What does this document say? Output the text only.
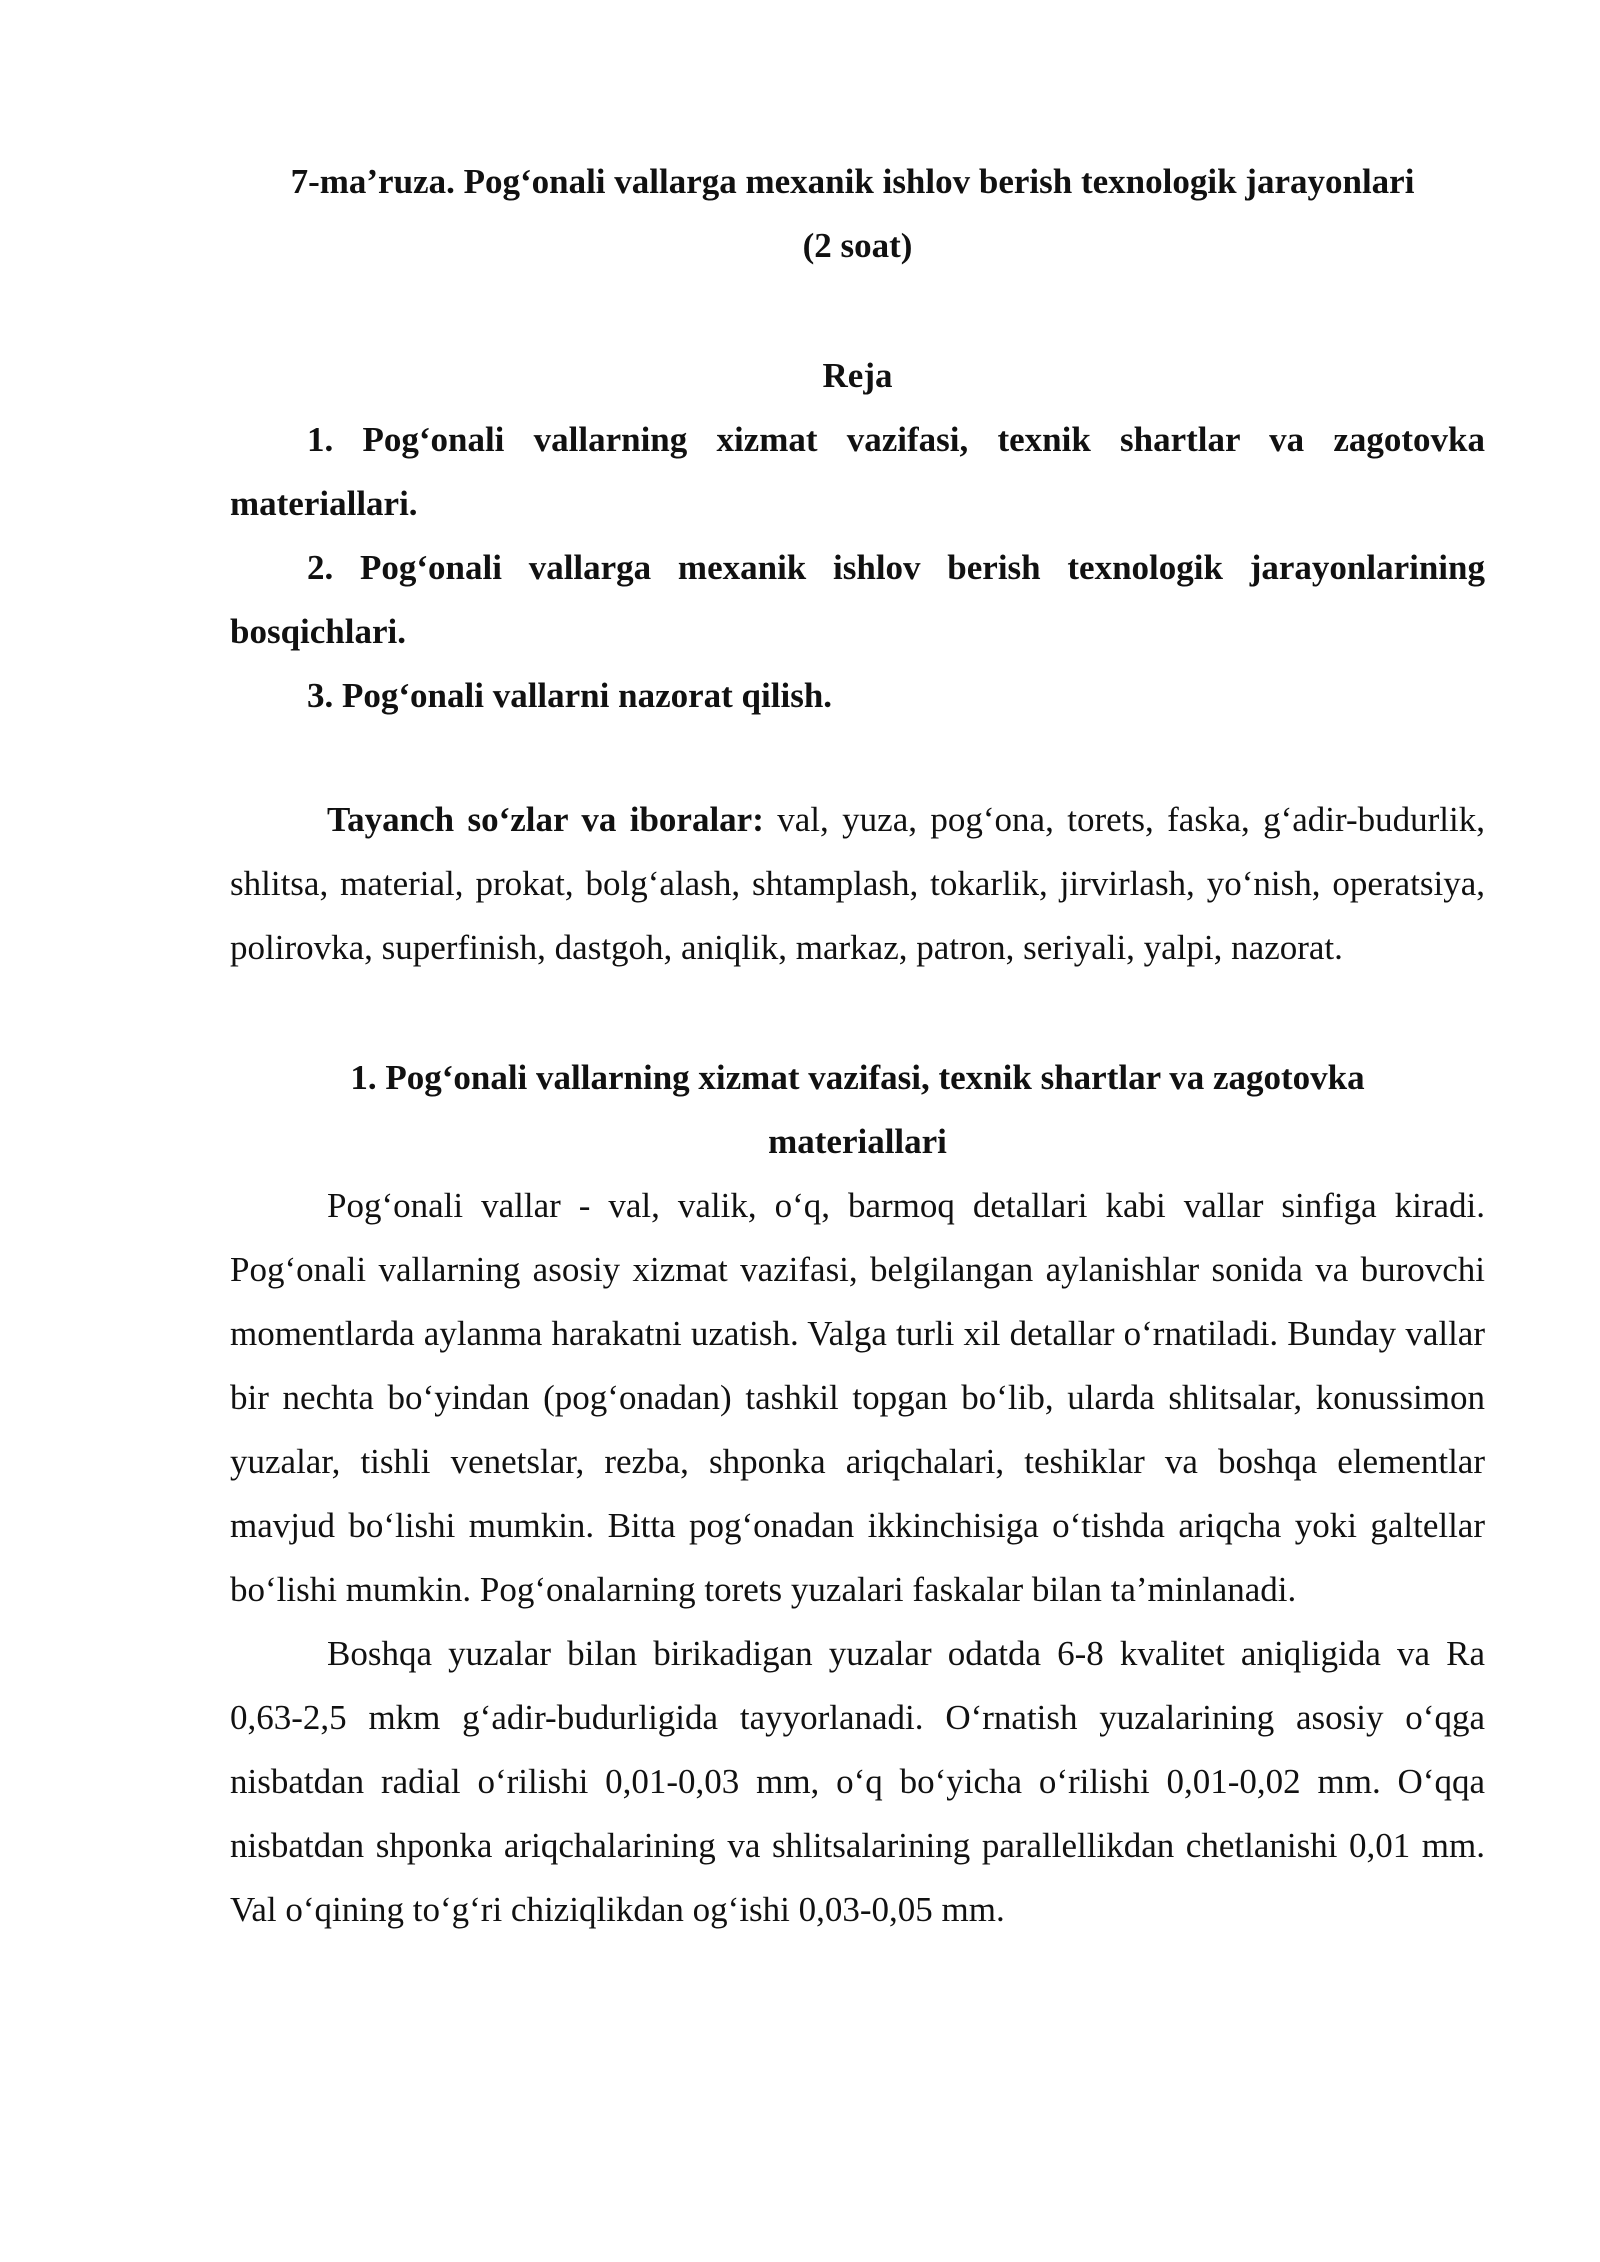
7-ma’ruza. Pog‘onali vallarga mexanik ishlov berish texnologik jarayonlari
(2 soat)
Reja
1. Pog‘onali vallarning xizmat vazifasi, texnik shartlar va zagotovka materiallari.
2. Pog‘onali vallarga mexanik ishlov berish texnologik jarayonlarining bosqichlari.
3. Pog‘onali vallarni nazorat qilish.

Tayanch so‘zlar va iboralar: val, yuza, pog‘ona, torets, faska, g‘adir-budurlik, shlitsa, material, prokat, bolg‘alash, shtamplash, tokarlik, jirvirlash, yo‘nish, operatsiya, polirovka, superfinish, dastgoh, aniqlik, markaz, patron, seriyali, yalpi, nazorat.

1. Pog‘onali vallarning xizmat vazifasi, texnik shartlar va zagotovka
materiallari

Pog‘onali vallar - val, valik, o‘q, barmoq detallari kabi vallar sinfiga kiradi. Pog‘onali vallarning asosiy xizmat vazifasi, belgilangan aylanishlar sonida va burovchi momentlarda aylanma harakatni uzatish. Valga turli xil detallar o‘rnatiladi. Bunday vallar bir nechta bo‘yindan (pog‘onadan) tashkil topgan bo‘lib, ularda shlitsalar, konussimon yuzalar, tishli venetslar, rezba, shponka ariqchalari, teshiklar va boshqa elementlar mavjud bo‘lishi mumkin. Bitta pog‘onadan ikkinchisiga o‘tishda ariqcha yoki galtellar bo‘lishi mumkin. Pog‘onalarning torets yuzalari faskalar bilan ta’minlanadi.

Boshqa yuzalar bilan birikadigan yuzalar odatda 6-8 kvalitet aniqligida va Ra 0,63-2,5 mkm g‘adir-budurligida tayyorlanadi. O‘rnatish yuzalarining asosiy o‘qga nisbatdan radial o‘rilishi 0,01-0,03 mm, o‘q bo‘yicha o‘rilishi 0,01-0,02 mm. O‘qqa nisbatdan shponka ariqchalarining va shlitsalarining parallellikdan chetlanishi 0,01 mm. Val o‘qining to‘g‘ri chiziqlikdan og‘ishi 0,03-0,05 mm.
